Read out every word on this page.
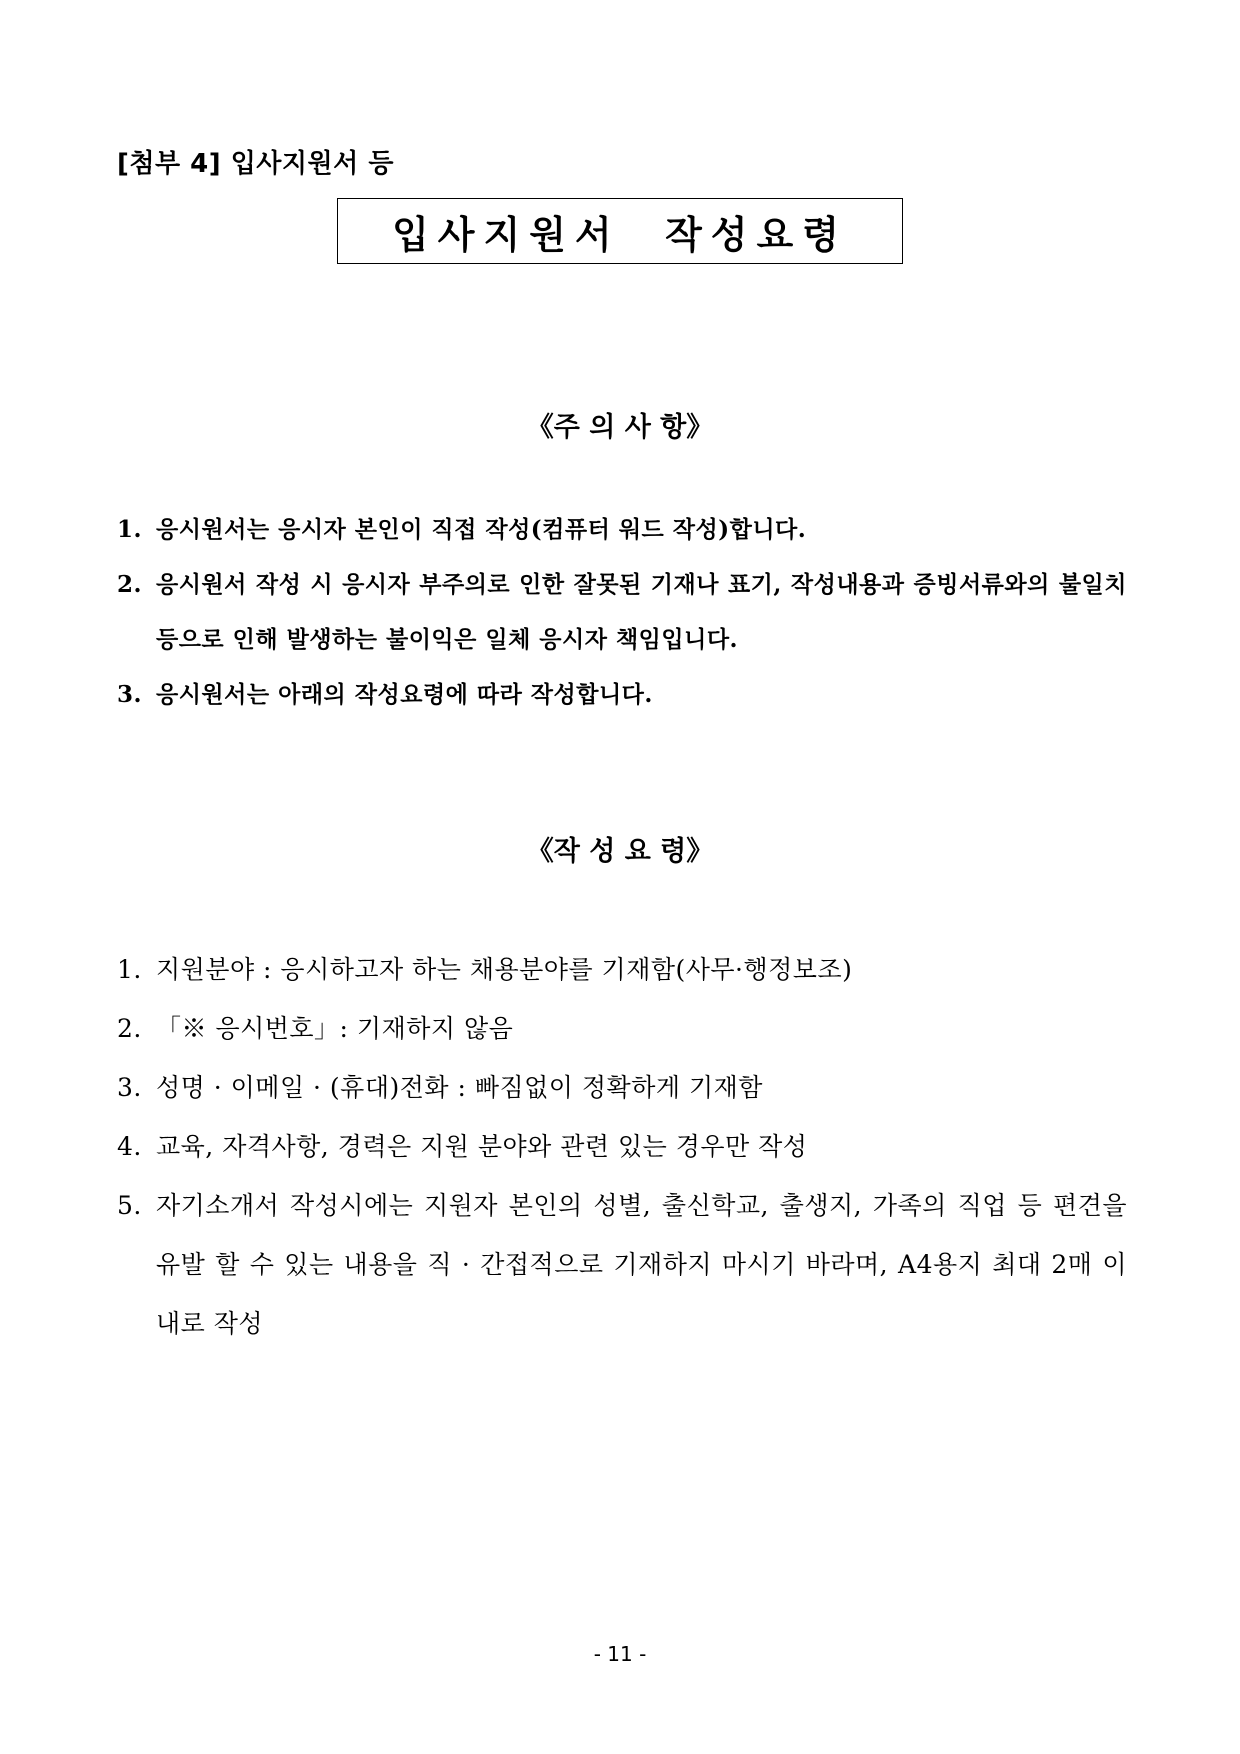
[첨부 4] 입사지원서 등
입사지원서  작성요령
《주 의 사 항》
1. 응시원서는 응시자 본인이 직접 작성(컴퓨터 워드 작성)합니다.
2. 응시원서 작성 시 응시자 부주의로 인한 잘못된 기재나 표기, 작성내용과 증빙서류와의 불일치 등으로 인해 발생하는 불이익은 일체 응시자 책임입니다.
3. 응시원서는 아래의 작성요령에 따라 작성합니다.
《작 성 요 령》
1. 지원분야 : 응시하고자 하는 채용분야를 기재함(사무·행정보조)
2. 「※ 응시번호」: 기재하지 않음
3. 성명 · 이메일 · (휴대)전화 : 빠짐없이 정확하게 기재함
4. 교육, 자격사항, 경력은 지원 분야와 관련 있는 경우만 작성
5. 자기소개서 작성시에는 지원자 본인의 성별, 출신학교, 출생지, 가족의 직업 등 편견을 유발 할 수 있는 내용을 직 · 간접적으로 기재하지 마시기 바라며, A4용지 최대 2매 이내로 작성
- 11 -
